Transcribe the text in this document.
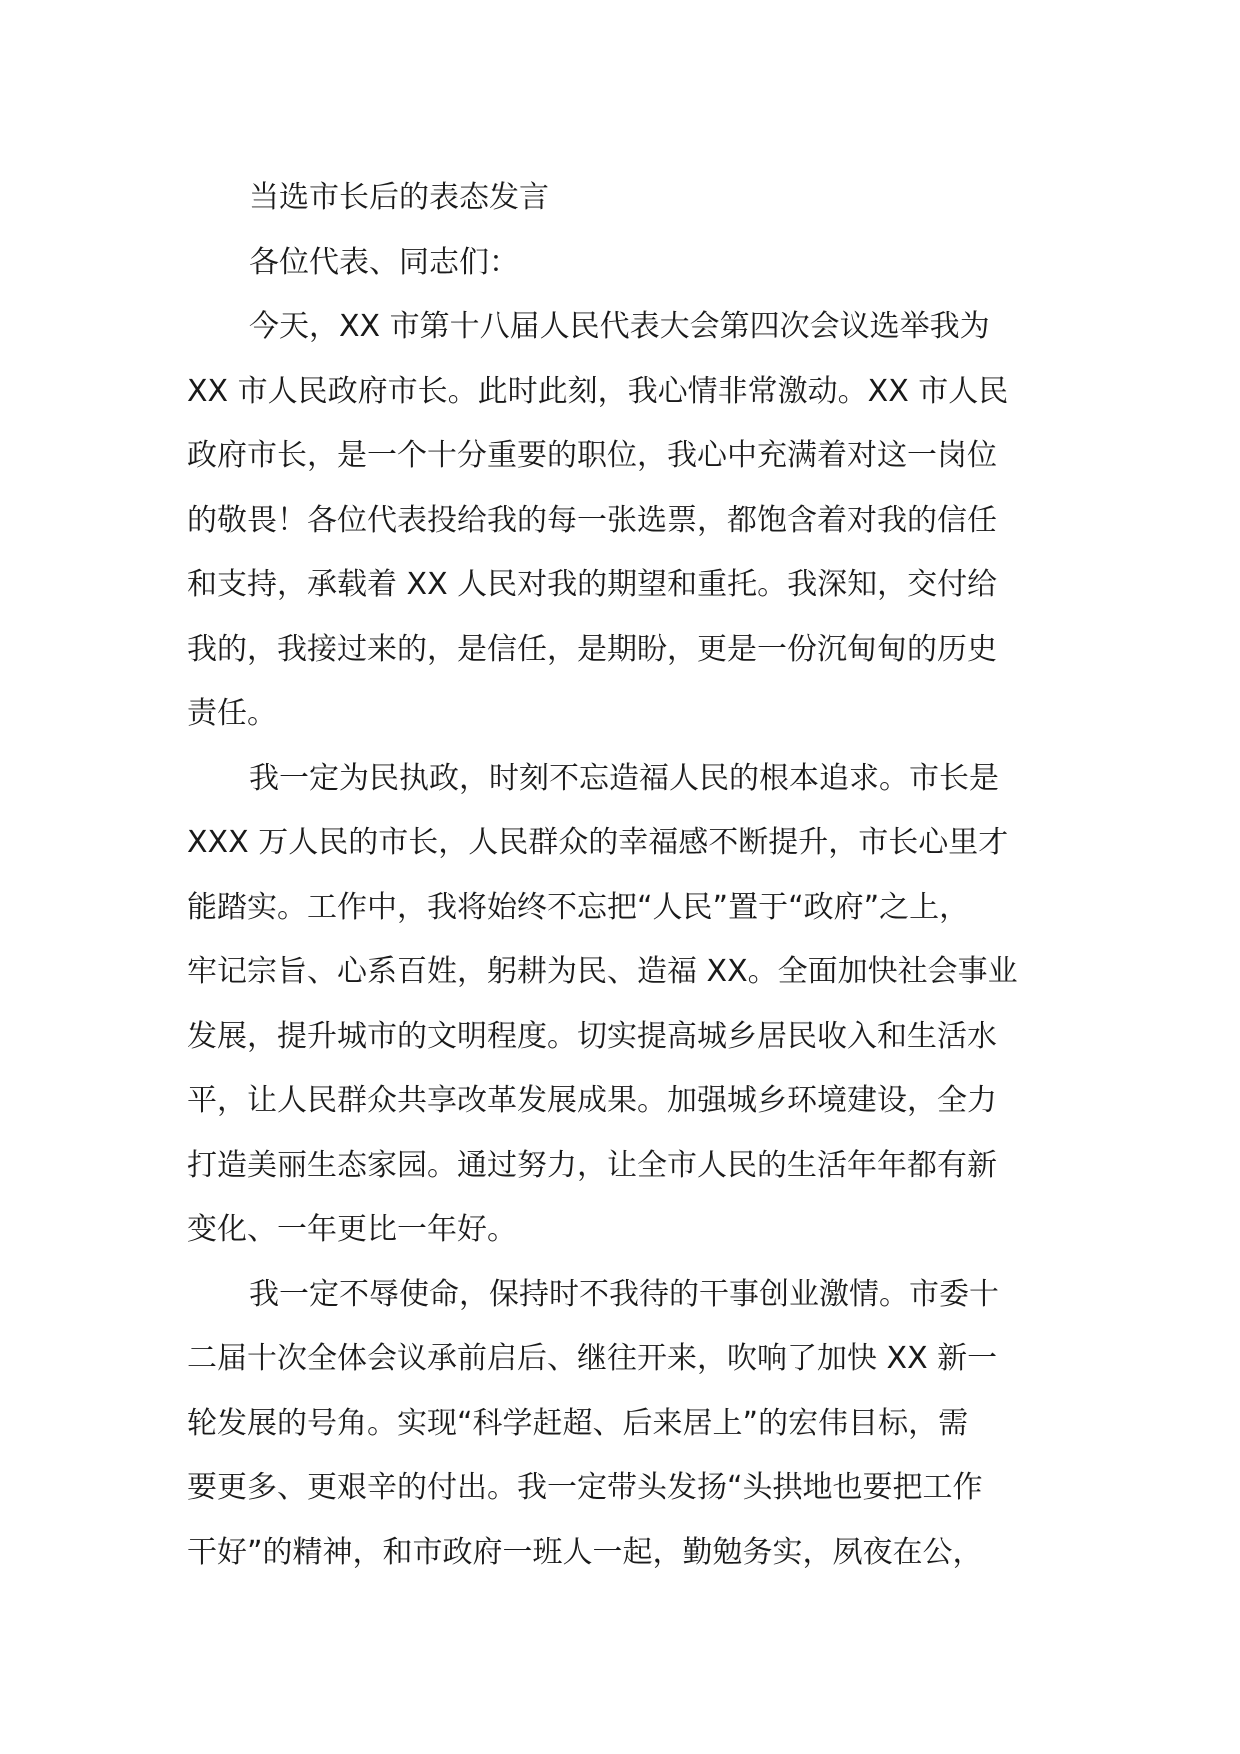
当选市长后的表态发言
各位代表、同志们：
今天，XX 市第十八届人民代表大会第四次会议选举我为
XX 市人民政府市长。此时此刻，我心情非常激动。XX 市人民
政府市长，是一个十分重要的职位，我心中充满着对这一岗位
的敬畏！各位代表投给我的每一张选票，都饱含着对我的信任
和支持，承载着 XX 人民对我的期望和重托。我深知，交付给
我的，我接过来的，是信任，是期盼，更是一份沉甸甸的历史
责任。
我一定为民执政，时刻不忘造福人民的根本追求。市长是
XXX 万人民的市长，人民群众的幸福感不断提升，市长心里才
能踏实。工作中，我将始终不忘把“人民”置于“政府”之上，
牢记宗旨、心系百姓，躬耕为民、造福 XX。全面加快社会事业
发展，提升城市的文明程度。切实提高城乡居民收入和生活水
平，让人民群众共享改革发展成果。加强城乡环境建设，全力
打造美丽生态家园。通过努力，让全市人民的生活年年都有新
变化、一年更比一年好。
我一定不辱使命，保持时不我待的干事创业激情。市委十
二届十次全体会议承前启后、继往开来，吹响了加快 XX 新一
轮发展的号角。实现“科学赶超、后来居上”的宏伟目标，需
要更多、更艰辛的付出。我一定带头发扬“头拱地也要把工作
干好”的精神，和市政府一班人一起，勤勉务实，夙夜在公，
